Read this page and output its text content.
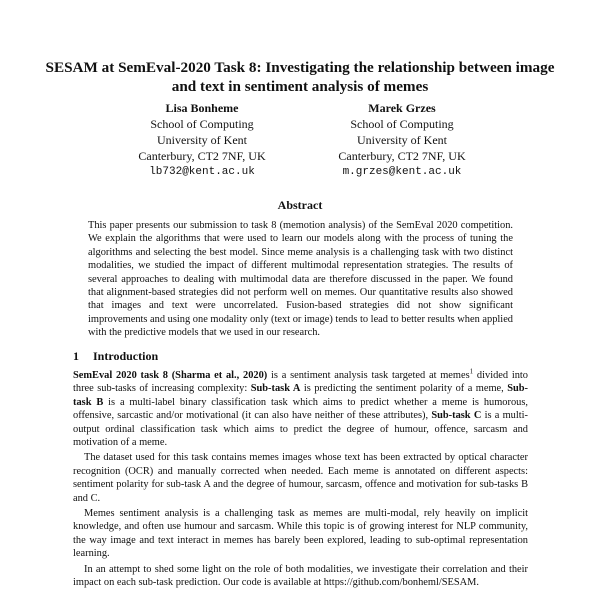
SESAM at SemEval-2020 Task 8: Investigating the relationship between image and text in sentiment analysis of memes
Lisa Bonheme
School of Computing
University of Kent
Canterbury, CT2 7NF, UK
lb732@kent.ac.uk
Marek Grzes
School of Computing
University of Kent
Canterbury, CT2 7NF, UK
m.grzes@kent.ac.uk
Abstract
This paper presents our submission to task 8 (memotion analysis) of the SemEval 2020 competition. We explain the algorithms that were used to learn our models along with the process of tuning the algorithms and selecting the best model. Since meme analysis is a challenging task with two distinct modalities, we studied the impact of different multimodal representation strategies. The results of several approaches to dealing with multimodal data are therefore discussed in the paper. We found that alignment-based strategies did not perform well on memes. Our quantitative results also showed that images and text were uncorrelated. Fusion-based strategies did not show significant improvements and using one modality only (text or image) tends to lead to better results when applied with the predictive models that we used in our research.
1 Introduction

SemEval 2020 task 8 (Sharma et al., 2020) is a sentiment analysis task targeted at memes$^1$ divided into three sub-tasks of increasing complexity: Sub-task A is predicting the sentiment polarity of a meme, Sub-task B is a multi-label binary classification task which aims to predict whether a meme is humorous, offensive, sarcastic and/or motivational (it can also have neither of these attributes), Sub-task C is a multi-output ordinal classification task which aims to predict the degree of humour, offence, sarcasm and motivation of a meme.

The dataset used for this task contains memes images whose text has been extracted by optical character recognition (OCR) and manually corrected when needed. Each meme is annotated on different aspects: sentiment polarity for sub-task A and the degree of humour, sarcasm, offence and motivation for sub-tasks B and C.

Memes sentiment analysis is a challenging task as memes are multi-modal, rely heavily on implicit knowledge, and often use humour and sarcasm. While this topic is of growing interest for NLP community, the way image and text interact in memes has barely been explored, leading to sub-optimal representation learning.

In an attempt to shed some light on the role of both modalities, we investigate their correlation and their impact on each sub-task prediction. Our code is available at https://github.com/bonheml/SESAM.
